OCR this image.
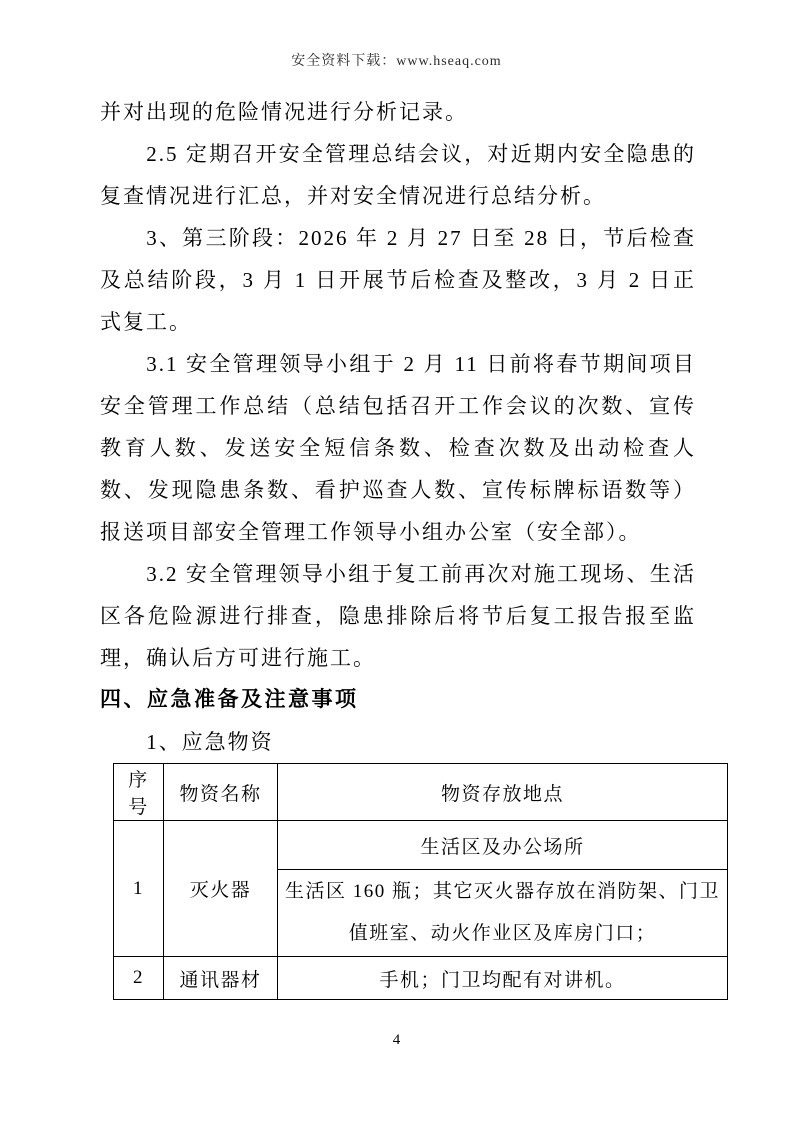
安全资料下载：www.hseaq.com

并对出现的危险情况进行分析记录。

2.5 定期召开安全管理总结会议，对近期内安全隐患的复查情况进行汇总，并对安全情况进行总结分析。

3、第三阶段：2026 年 2 月 27 日至 28 日，节后检查及总结阶段，3 月 1 日开展节后检查及整改，3 月 2 日正式复工。

3.1 安全管理领导小组于 2 月 11 日前将春节期间项目安全管理工作总结（总结包括召开工作会议的次数、宣传教育人数、发送安全短信条数、检查次数及出动检查人数、发现隐患条数、看护巡查人数、宣传标牌标语数等）报送项目部安全管理工作领导小组办公室（安全部）。

3.2 安全管理领导小组于复工前再次对施工现场、生活区各危险源进行排查，隐患排除后将节后复工报告报至监理，确认后方可进行施工。

四、应急准备及注意事项

1、应急物资

序号	物资名称	物资存放地点
1	灭火器	生活区及办公场所
		生活区 160 瓶；其它灭火器存放在消防架、门卫值班室、动火作业区及库房门口；
2	通讯器材	手机；门卫均配有对讲机。
4
